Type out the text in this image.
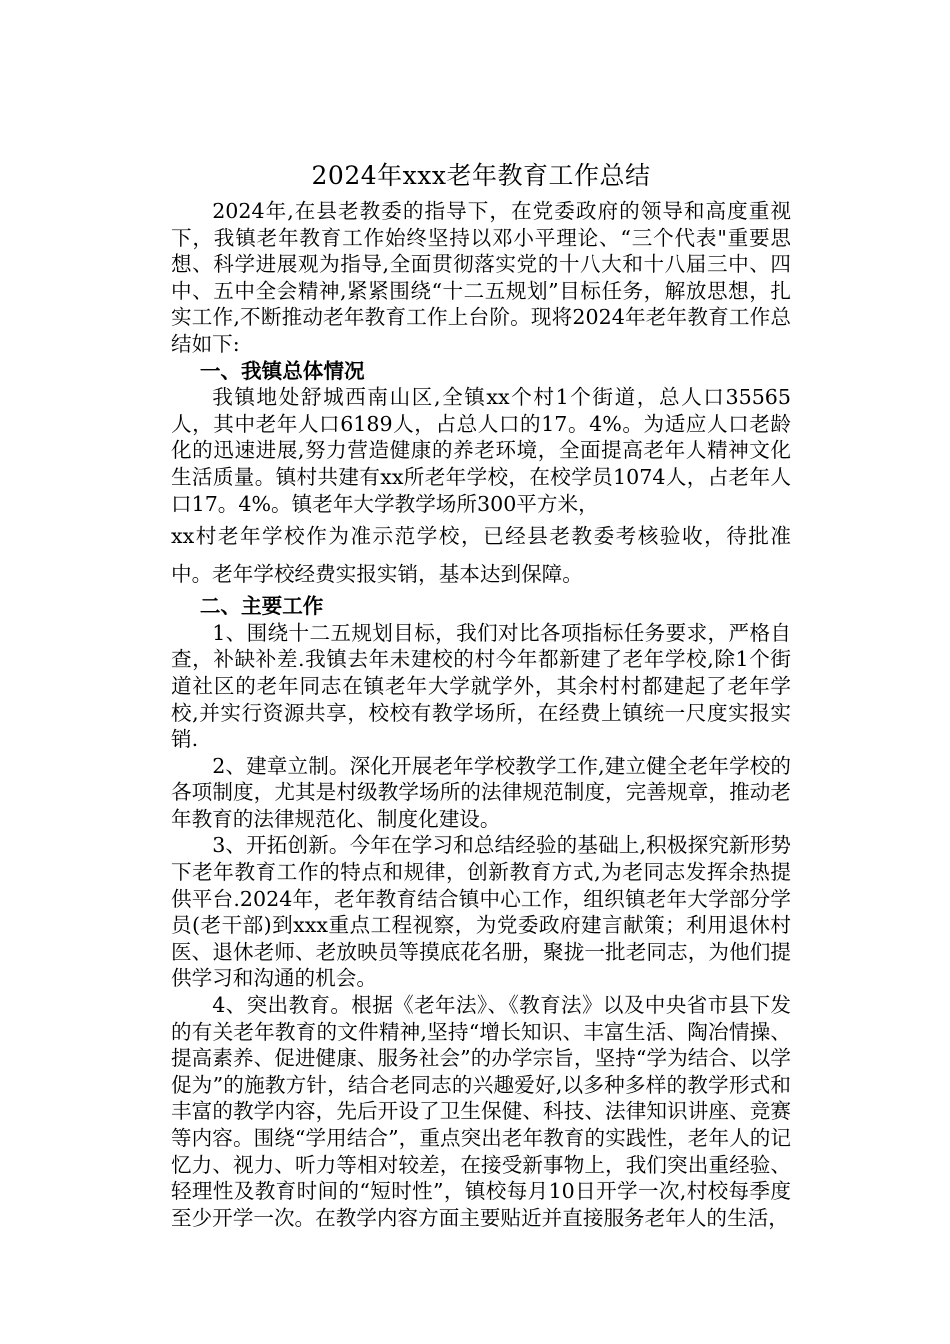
2024年xxx老年教育工作总结

2024年,在县老教委的指导下，在党委政府的领导和高度重视下，我镇老年教育工作始终坚持以邓小平理论、“三个代表"重要思想、科学进展观为指导,全面贯彻落实党的十八大和十八届三中、四中、五中全会精神,紧紧围绕“十二五规划”目标任务，解放思想，扎实工作,不断推动老年教育工作上台阶。现将2024年老年教育工作总结如下:

一、我镇总体情况

我镇地处舒城西南山区,全镇xx个村1个街道，总人口35565人，其中老年人口6189人，占总人口的17。4%。为适应人口老龄化的迅速进展,努力营造健康的养老环境，全面提高老年人精神文化生活质量。镇村共建有xx所老年学校，在校学员1074人，占老年人口17。4%。镇老年大学教学场所300平方米，

xx村老年学校作为准示范学校，已经县老教委考核验收，待批准中。老年学校经费实报实销，基本达到保障。

二、主要工作

1、围绕十二五规划目标，我们对比各项指标任务要求，严格自查，补缺补差.我镇去年未建校的村今年都新建了老年学校,除1个街道社区的老年同志在镇老年大学就学外，其余村村都建起了老年学校,并实行资源共享，校校有教学场所，在经费上镇统一尺度实报实销.

2、建章立制。深化开展老年学校教学工作,建立健全老年学校的各项制度，尤其是村级教学场所的法律规范制度，完善规章，推动老年教育的法律规范化、制度化建设。

3、开拓创新。今年在学习和总结经验的基础上,积极探究新形势下老年教育工作的特点和规律，创新教育方式,为老同志发挥余热提供平台.2024年，老年教育结合镇中心工作，组织镇老年大学部分学员(老干部)到xxx重点工程视察，为党委政府建言献策；利用退休村医、退休老师、老放映员等摸底花名册，聚拢一批老同志，为他们提供学习和沟通的机会。

4、突出教育。根据《老年法》、《教育法》以及中央省市县下发的有关老年教育的文件精神,坚持“增长知识、丰富生活、陶冶情操、提高素养、促进健康、服务社会”的办学宗旨，坚持“学为结合、以学促为”的施教方针，结合老同志的兴趣爱好,以多种多样的教学形式和丰富的教学内容，先后开设了卫生保健、科技、法律知识讲座、竞赛等内容。围绕“学用结合”，重点突出老年教育的实践性，老年人的记忆力、视力、听力等相对较差，在接受新事物上，我们突出重经验、轻理性及教育时间的“短时性”，镇校每月10日开学一次,村校每季度至少开学一次。在教学内容方面主要贴近并直接服务老年人的生活，
